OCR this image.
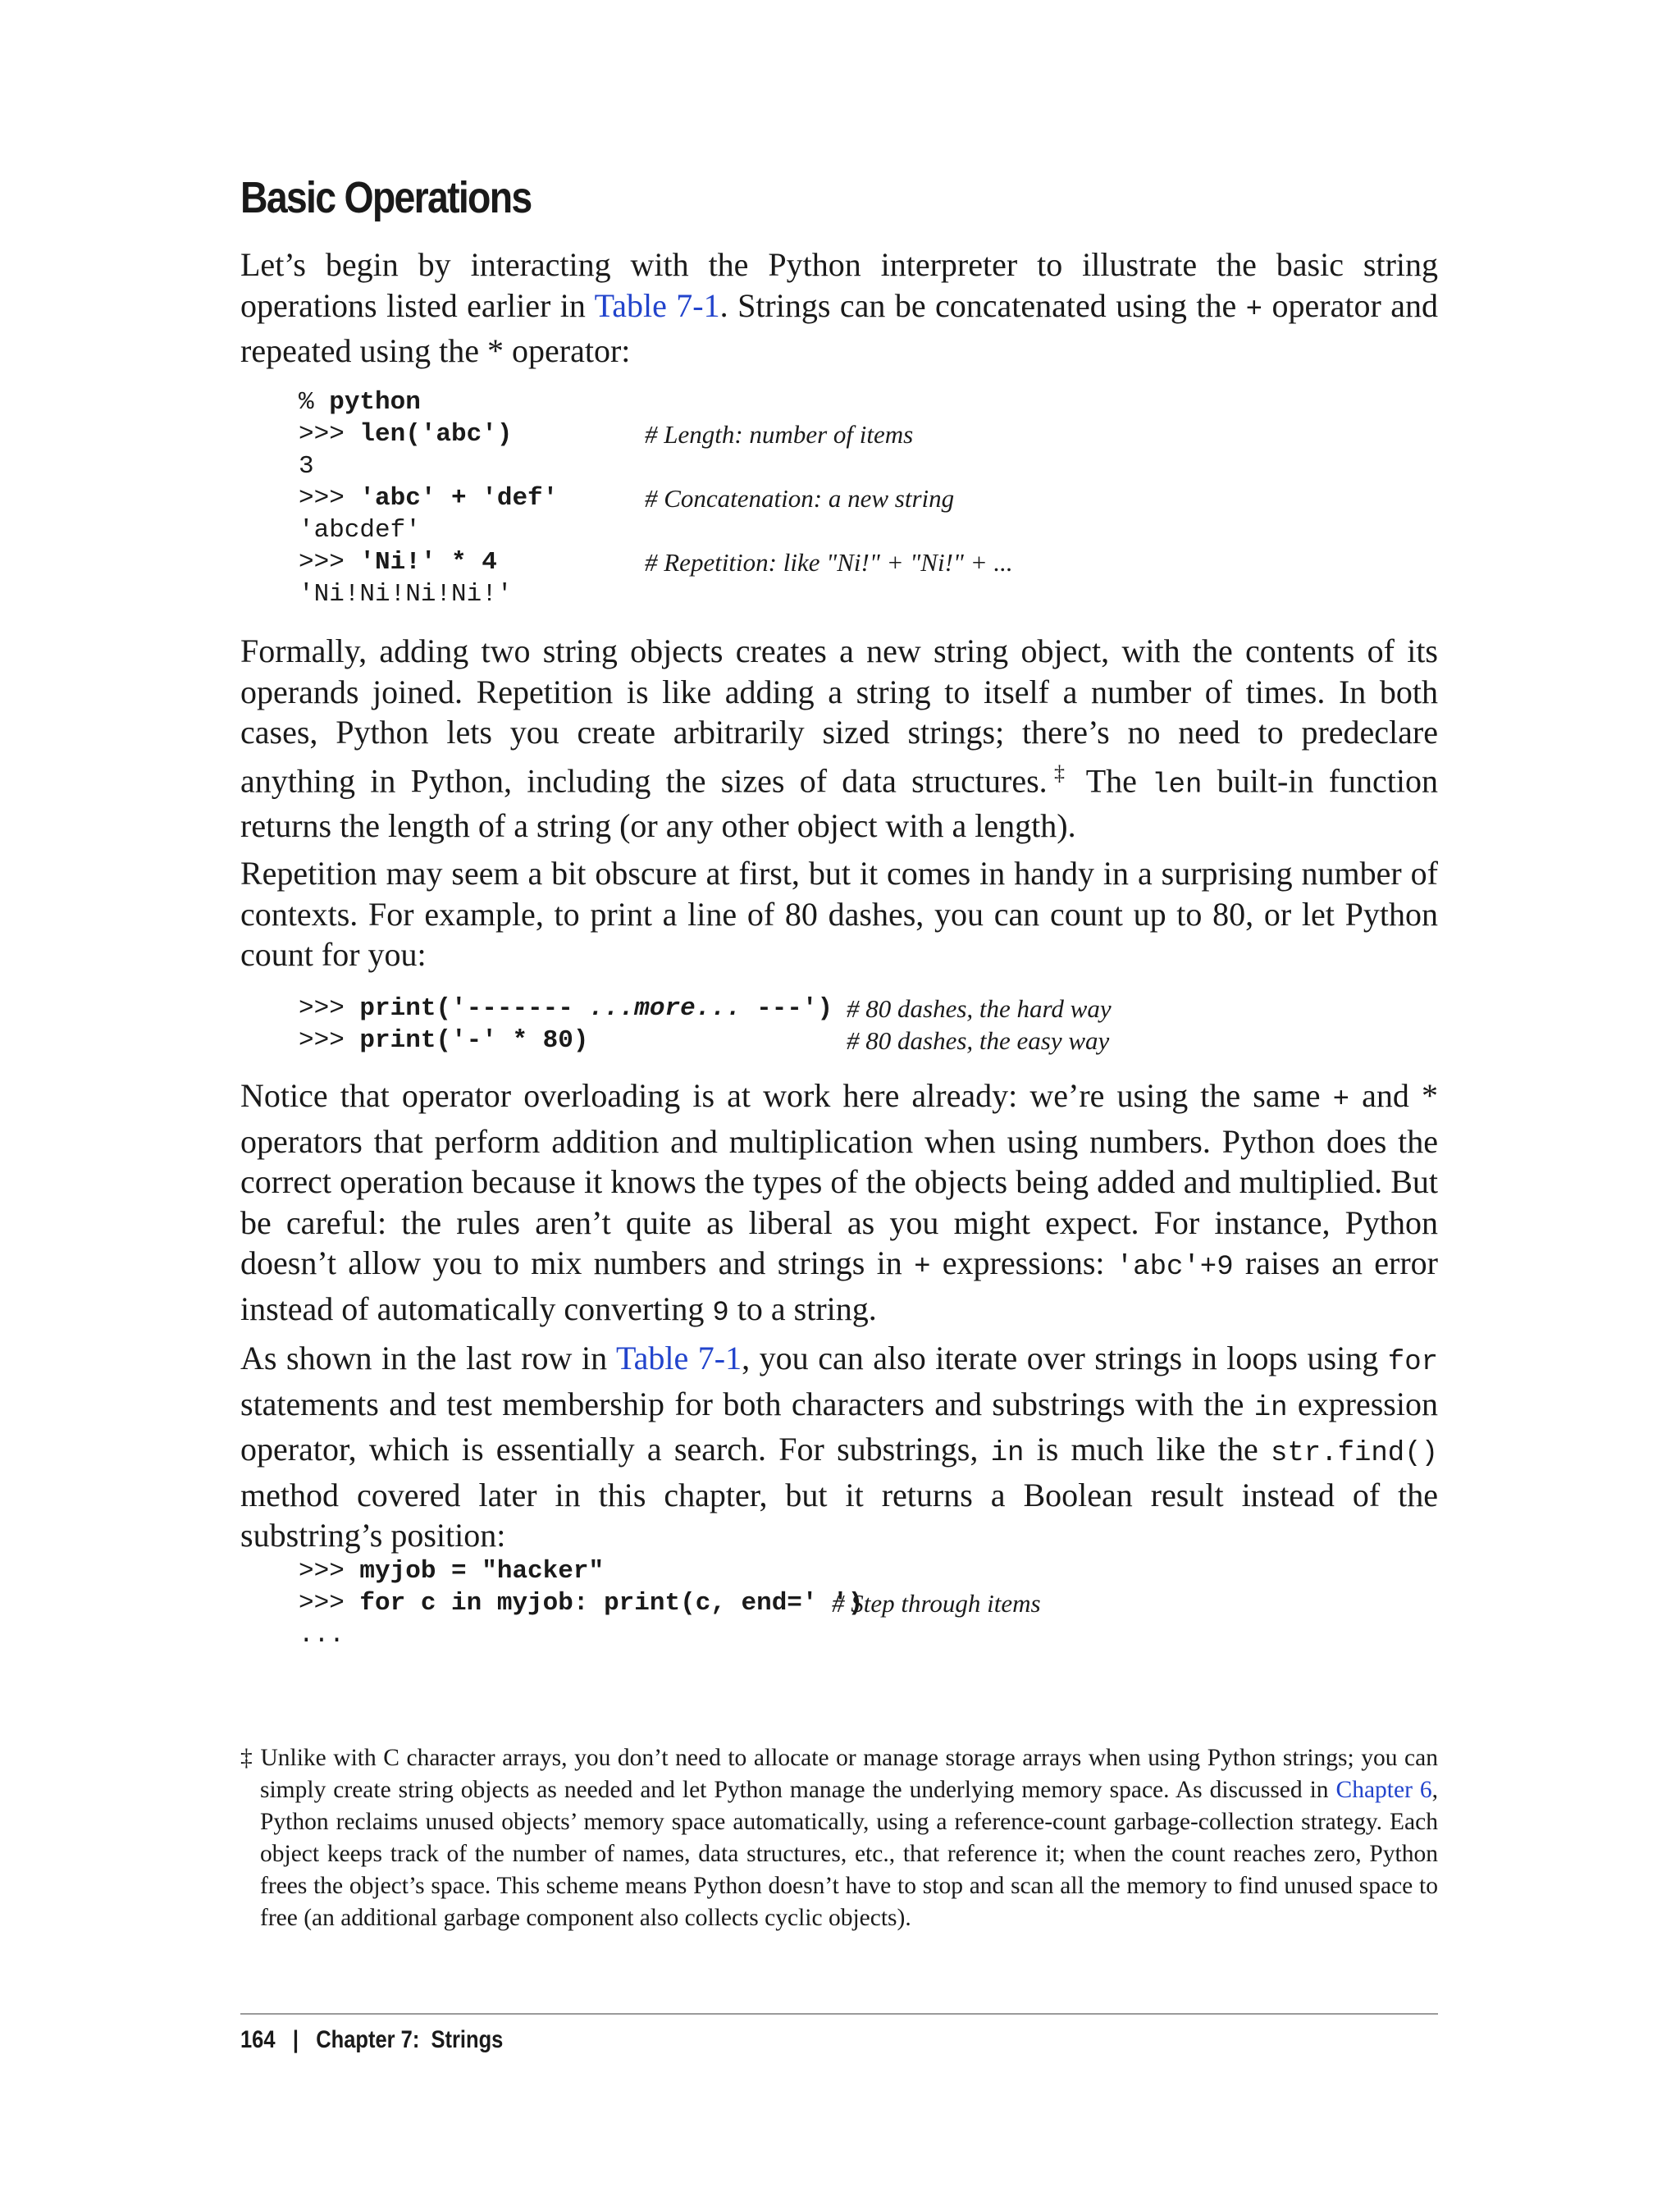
Basic Operations

Let’s begin by interacting with the Python interpreter to illustrate the basic string operations listed earlier in Table 7-1. Strings can be concatenated using the + operator and repeated using the * operator:

% python

>>> len('abc')

	# Length: number of items

3

>>> 'abc' + 'def'

	# Concatenation: a new string

'abcdef'

>>> 'Ni!' * 4

	# Repetition: like "Ni!" + "Ni!" + ...

'Ni!Ni!Ni!Ni!'

Formally, adding two string objects creates a new string object, with the contents of its operands joined. Repetition is like adding a string to itself a number of times. In both cases, Python lets you create arbitrarily sized strings; there’s no need to predeclare anything in Python, including the sizes of data structures.‡ The len built-in function returns the length of a string (or any other object with a length).

Repetition may seem a bit obscure at first, but it comes in handy in a surprising number of contexts. For example, to print a line of 80 dashes, you can count up to 80, or let Python count for you:

>>> print('------- ...more... ---')

# 80 dashes, the hard way

>>> print('-' * 80)

	# 80 dashes, the easy way

Notice that operator overloading is at work here already: we’re using the same + and * operators that perform addition and multiplication when using numbers. Python does the correct operation because it knows the types of the objects being added and multiplied. But be careful: the rules aren’t quite as liberal as you might expect. For instance, Python doesn’t allow you to mix numbers and strings in + expressions: 'abc'+9 raises an error instead of automatically converting 9 to a string.

As shown in the last row in Table 7-1, you can also iterate over strings in loops using for statements and test membership for both characters and substrings with the in expression operator, which is essentially a search. For substrings, in is much like the str.find() method covered later in this chapter, but it returns a Boolean result instead of the substring’s position:

>>> myjob = "hacker"

>>> for c in myjob: print(c, end=' ')

# Step through items

...

‡ Unlike with C character arrays, you don’t need to allocate or manage storage arrays when using Python strings; you can simply create string objects as needed and let Python manage the underlying memory space. As discussed in Chapter 6, Python reclaims unused objects’ memory space automatically, using a reference-count garbage-collection strategy. Each object keeps track of the number of names, data structures, etc., that reference it; when the count reaches zero, Python frees the object’s space. This scheme means Python doesn’t have to stop and scan all the memory to find unused space to free (an additional garbage component also collects cyclic objects).

164 | Chapter 7:  Strings
